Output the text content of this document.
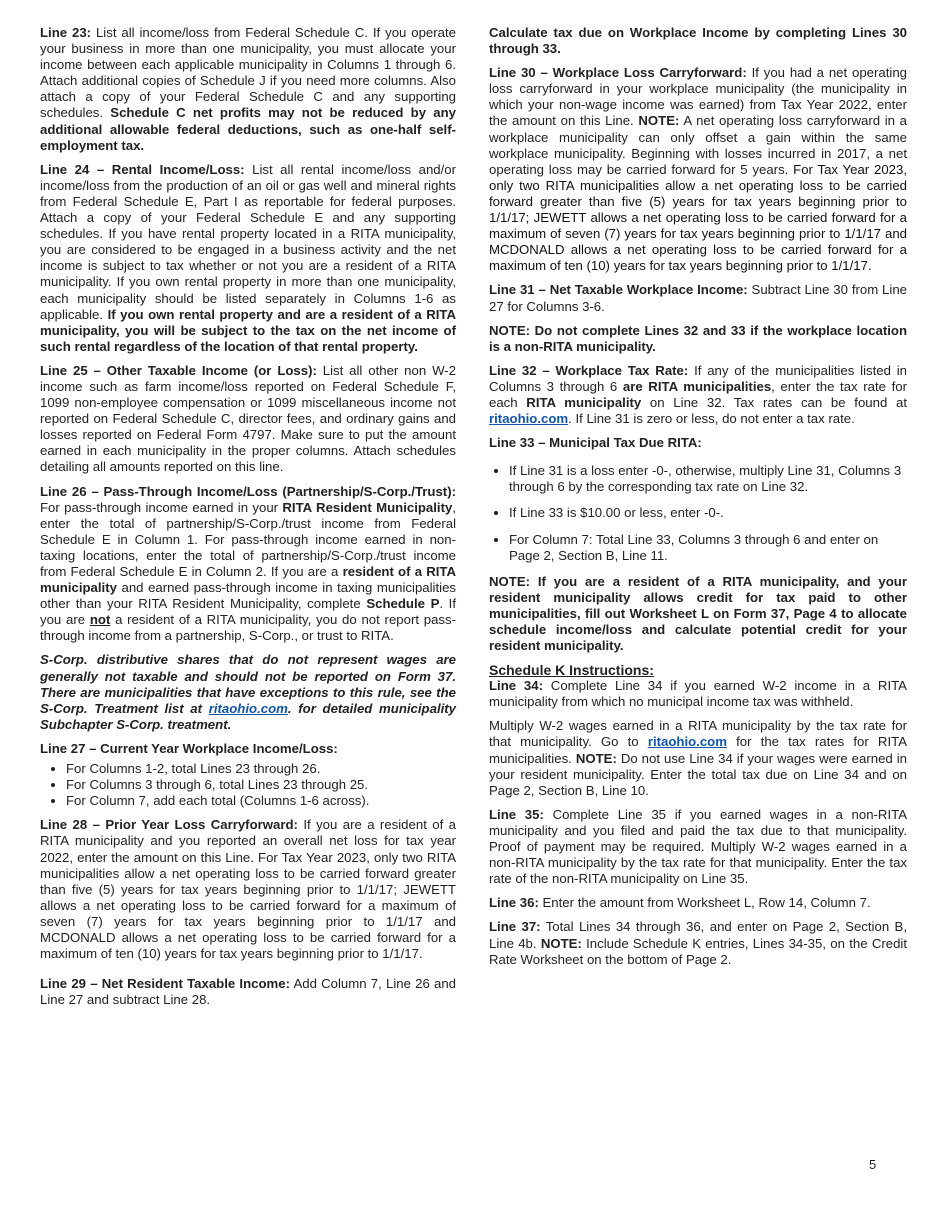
Line 23: List all income/loss from Federal Schedule C. If you operate your business in more than one municipality, you must allocate your income between each applicable municipality in Columns 1 through 6. Attach additional copies of Schedule J if you need more columns. Also attach a copy of your Federal Schedule C and any supporting schedules. Schedule C net profits may not be reduced by any additional allowable federal deductions, such as one-half self-employment tax.

Line 24 – Rental Income/Loss: List all rental income/loss and/or income/loss from the production of an oil or gas well and mineral rights from Federal Schedule E, Part I as reportable for federal purposes. Attach a copy of your Federal Schedule E and any supporting schedules. If you have rental property located in a RITA municipality, you are considered to be engaged in a business activity and the net income is subject to tax whether or not you are a resident of a RITA municipality. If you own rental property in more than one municipality, each municipality should be listed separately in Columns 1-6 as applicable. If you own rental property and are a resident of a RITA municipality, you will be subject to the tax on the net income of such rental regardless of the location of that rental property.

Line 25 – Other Taxable Income (or Loss): List all other non W-2 income such as farm income/loss reported on Federal Schedule F, 1099 non-employee compensation or 1099 miscellaneous income not reported on Federal Schedule C, director fees, and ordinary gains and losses reported on Federal Form 4797. Make sure to put the amount earned in each municipality in the proper columns. Attach schedules detailing all amounts reported on this line.

Line 26 – Pass-Through Income/Loss (Partnership/S-Corp./Trust): For pass-through income earned in your RITA Resident Municipality, enter the total of partnership/S-Corp./trust income from Federal Schedule E in Column 1. For pass-through income earned in non-taxing locations, enter the total of partnership/S-Corp./trust income from Federal Schedule E in Column 2. If you are a resident of a RITA municipality and earned pass-through income in taxing municipalities other than your RITA Resident Municipality, complete Schedule P. If you are not a resident of a RITA municipality, you do not report pass-through income from a partnership, S-Corp., or trust to RITA.

S-Corp. distributive shares that do not represent wages are generally not taxable and should not be reported on Form 37. There are municipalities that have exceptions to this rule, see the S-Corp. Treatment list at ritaohio.com. for detailed municipality Subchapter S-Corp. treatment.

Line 27 – Current Year Workplace Income/Loss:

• For Columns 1-2, total Lines 23 through 26.
• For Columns 3 through 6, total Lines 23 through 25.
• For Column 7, add each total (Columns 1-6 across).

Line 28 – Prior Year Loss Carryforward: If you are a resident of a RITA municipality and you reported an overall net loss for tax year 2022, enter the amount on this Line. For Tax Year 2023, only two RITA municipalities allow a net operating loss to be carried forward greater than five (5) years for tax years beginning prior to 1/1/17; JEWETT allows a net operating loss to be carried forward for a maximum of seven (7) years for tax years beginning prior to 1/1/17 and MCDONALD allows a net operating loss to be carried forward for a maximum of ten (10) years for tax years beginning prior to 1/1/17.

Line 29 – Net Resident Taxable Income: Add Column 7, Line 26 and Line 27 and subtract Line 28.

Calculate tax due on Workplace Income by completing Lines 30 through 33.

Line 30 – Workplace Loss Carryforward: If you had a net operating loss carryforward in your workplace municipality (the municipality in which your non-wage income was earned) from Tax Year 2022, enter the amount on this Line. NOTE: A net operating loss carryforward in a workplace municipality can only offset a gain within the same workplace municipality. Beginning with losses incurred in 2017, a net operating loss may be carried forward for 5 years. For Tax Year 2023, only two RITA municipalities allow a net operating loss to be carried forward greater than five (5) years for tax years beginning prior to 1/1/17; JEWETT allows a net operating loss to be carried forward for a maximum of seven (7) years for tax years beginning prior to 1/1/17 and MCDONALD allows a net operating loss to be carried forward for a maximum of ten (10) years for tax years beginning prior to 1/1/17.

Line 31 – Net Taxable Workplace Income: Subtract Line 30 from Line 27 for Columns 3-6.

NOTE: Do not complete Lines 32 and 33 if the workplace location is a non-RITA municipality.

Line 32 – Workplace Tax Rate: If any of the municipalities listed in Columns 3 through 6 are RITA municipalities, enter the tax rate for each RITA municipality on Line 32. Tax rates can be found at ritaohio.com. If Line 31 is zero or less, do not enter a tax rate.

Line 33 – Municipal Tax Due RITA:

• If Line 31 is a loss enter -0-, otherwise, multiply Line 31, Columns 3 through 6 by the corresponding tax rate on Line 32.
• If Line 33 is $10.00 or less, enter -0-.
• For Column 7: Total Line 33, Columns 3 through 6 and enter on Page 2, Section B, Line 11.

NOTE: If you are a resident of a RITA municipality, and your resident municipality allows credit for tax paid to other municipalities, fill out Worksheet L on Form 37, Page 4 to allocate schedule income/loss and calculate potential credit for your resident municipality.

Schedule K Instructions:

Line 34: Complete Line 34 if you earned W-2 income in a RITA municipality from which no municipal income tax was withheld.

Multiply W-2 wages earned in a RITA municipality by the tax rate for that municipality. Go to ritaohio.com for the tax rates for RITA municipalities. NOTE: Do not use Line 34 if your wages were earned in your resident municipality. Enter the total tax due on Line 34 and on Page 2, Section B, Line 10.

Line 35: Complete Line 35 if you earned wages in a non-RITA municipality and you filed and paid the tax due to that municipality. Proof of payment may be required. Multiply W-2 wages earned in a non-RITA municipality by the tax rate for that municipality. Enter the tax rate of the non-RITA municipality on Line 35.

Line 36: Enter the amount from Worksheet L, Row 14, Column 7.

Line 37: Total Lines 34 through 36, and enter on Page 2, Section B, Line 4b. NOTE: Include Schedule K entries, Lines 34-35, on the Credit Rate Worksheet on the bottom of Page 2.

5
